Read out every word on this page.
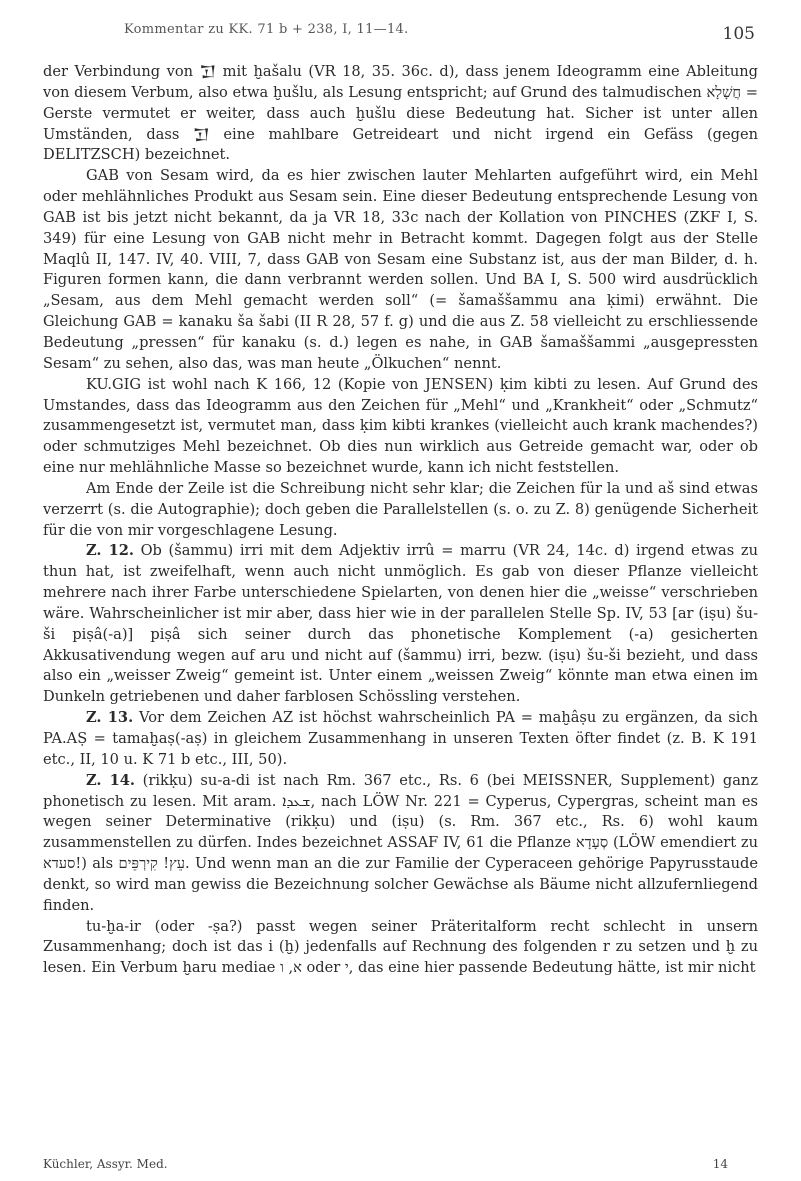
Kommentar zu KK. 71 b + 238, I, 11—14.	105

der Verbindung von 𒋛 mit ḫašalu (VR 18, 35. 36c. d), dass jenem Ideogramm eine Ableitung von diesem Verbum, also etwa ḫušlu, als Lesung entspricht; auf Grund des talmudischen חֲשָׁלָא = Gerste vermutet er weiter, dass auch ḫušlu diese Bedeutung hat. Sicher ist unter allen Umständen, dass 𒋛 eine mahlbare Getreideart und nicht irgend ein Gefäss (gegen DELITZSCH) bezeichnet.

GAB von Sesam wird, da es hier zwischen lauter Mehlarten aufgeführt wird, ein Mehl oder mehlähnliches Produkt aus Sesam sein. Eine dieser Bedeutung entsprechende Lesung von GAB ist bis jetzt nicht bekannt, da ja VR 18, 33c nach der Kollation von PINCHES (ZKF I, S. 349) für eine Lesung von GAB nicht mehr in Betracht kommt. Dagegen folgt aus der Stelle Maqlû II, 147. IV, 40. VIII, 7, dass GAB von Sesam eine Substanz ist, aus der man Bilder, d. h. Figuren formen kann, die dann verbrannt werden sollen. Und BA I, S. 500 wird ausdrücklich „Sesam, aus dem Mehl gemacht werden soll“ (= šamaššammu ana ḳimi) erwähnt. Die Gleichung GAB = kanaku ša šabi (II R 28, 57 f. g) und die aus Z. 58 vielleicht zu erschliessende Bedeutung „pressen“ für kanaku (s. d.) legen es nahe, in GAB šamaššammi „ausgepressten Sesam“ zu sehen, also das, was man heute „Ölkuchen“ nennt.

KU.GIG ist wohl nach K 166, 12 (Kopie von JENSEN) ḳim kibti zu lesen. Auf Grund des Umstandes, dass das Ideogramm aus den Zeichen für „Mehl“ und „Krankheit“ oder „Schmutz“ zusammengesetzt ist, vermutet man, dass ḳim kibti krankes (vielleicht auch krank machendes?) oder schmutziges Mehl bezeichnet. Ob dies nun wirklich aus Getreide gemacht war, oder ob eine nur mehlähnliche Masse so bezeichnet wurde, kann ich nicht feststellen.

Am Ende der Zeile ist die Schreibung nicht sehr klar; die Zeichen für la und aš sind etwas verzerrt (s. die Autographie); doch geben die Parallelstellen (s. o. zu Z. 8) genügende Sicherheit für die von mir vorgeschlagene Lesung.

Z. 12. Ob (šammu) irri mit dem Adjektiv irrû = marru (VR 24, 14c. d) irgend etwas zu thun hat, ist zweifelhaft, wenn auch nicht unmöglich. Es gab von dieser Pflanze vielleicht mehrere nach ihrer Farbe unterschiedene Spielarten, von denen hier die „weisse“ verschrieben wäre. Wahrscheinlicher ist mir aber, dass hier wie in der parallelen Stelle Sp. IV, 53 [ar (iṣu) šu-ši piṣâ(-a)] piṣâ sich seiner durch das phonetische Komplement (-a) gesicherten Akkusativendung wegen auf aru und nicht auf (šammu) irri, bezw. (iṣu) šu-ši bezieht, und dass also ein „weisser Zweig“ gemeint ist. Unter einem „weissen Zweig“ könnte man etwa einen im Dunkeln getriebenen und daher farblosen Schössling verstehen.

Z. 13. Vor dem Zeichen AZ ist höchst wahrscheinlich PA = maḫâṣu zu ergänzen, da sich PA.AṢ = tamaḫaṣ(-aṣ) in gleichem Zusammenhang in unseren Texten öfter findet (z. B. K 191 etc., II, 10 u. K 71 b etc., III, 50).

Z. 14. (rikḳu) su-a-di ist nach Rm. 367 etc., Rs. 6 (bei MEISSNER, Supplement) ganz phonetisch zu lesen. Mit aram. ܫܥܕܐ, nach LÖW Nr. 221 = Cyperus, Cypergras, scheint man es wegen seiner Determinative (rikḳu) und (iṣu) (s. Rm. 367 etc., Rs. 6) wohl kaum zusammenstellen zu dürfen. Indes bezeichnet ASSAF IV, 61 die Pflanze סְעָדָא (LÖW emendiert zu סעדא!) als עֵץ! קִירְפֵּים. Und wenn man an die zur Familie der Cyperaceen gehörige Papyrusstaude denkt, so wird man gewiss die Bezeichnung solcher Gewächse als Bäume nicht allzufernliegend finden.

tu-ḫa-ir (oder -ṣa?) passt wegen seiner Präteritalform recht schlecht in unsern Zusammenhang; doch ist das i (ḫ) jedenfalls auf Rechnung des folgenden r zu setzen und ḫ zu lesen. Ein Verbum ḫaru mediae א, ו oder י, das eine hier passende Bedeutung hätte, ist mir nicht

Küchler, Assyr. Med.	14
